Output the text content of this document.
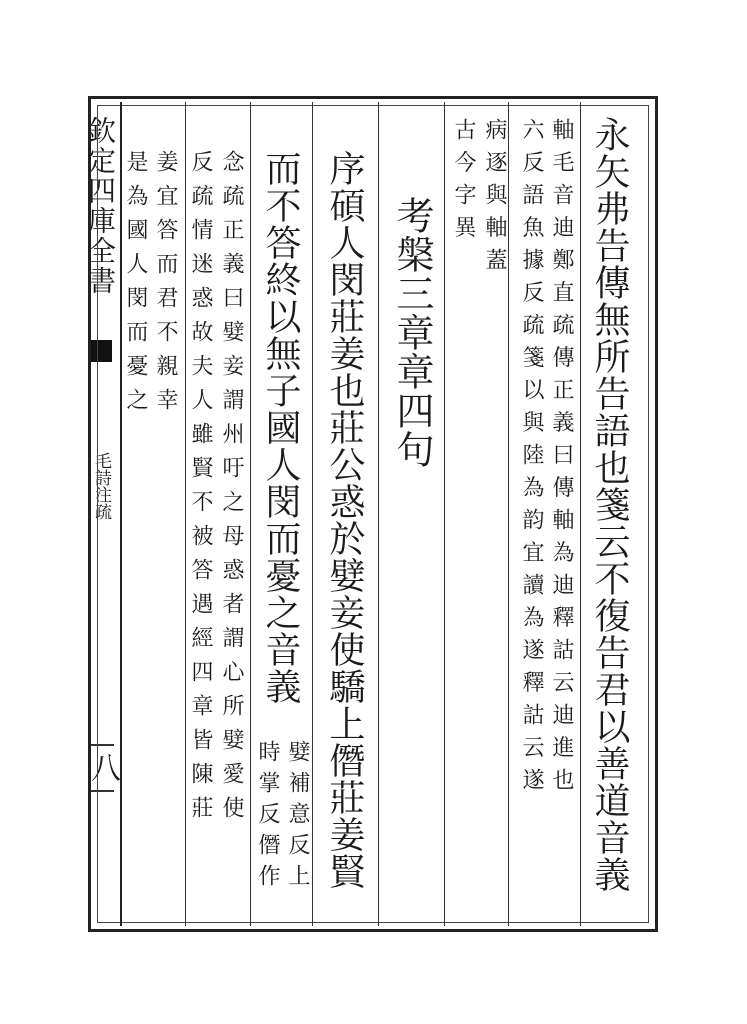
欽定四庫全書
毛詩注疏
八	永矢弗告傳無所告語也箋云不復告君以善道音義
軸毛音迪鄭直疏傳正義曰傳軸為迪釋詁云迪進也
六反語魚據反疏箋以與陸為韵宜讀為遂釋詁云遂
病逐與軸蓋
古今字異
考槃三章章四句
序碩人閔莊姜也莊公惑於嬖妾使驕上僭莊姜賢
而不答終以無子國人閔而憂之音義
嬖補意反上
時掌反僭作
念疏正義曰嬖妾謂州吁之母惑者謂心所嬖愛使
反疏情迷惑故夫人雖賢不被答遇經四章皆陳莊
姜宜答而君不親幸
是為國人閔而憂之
